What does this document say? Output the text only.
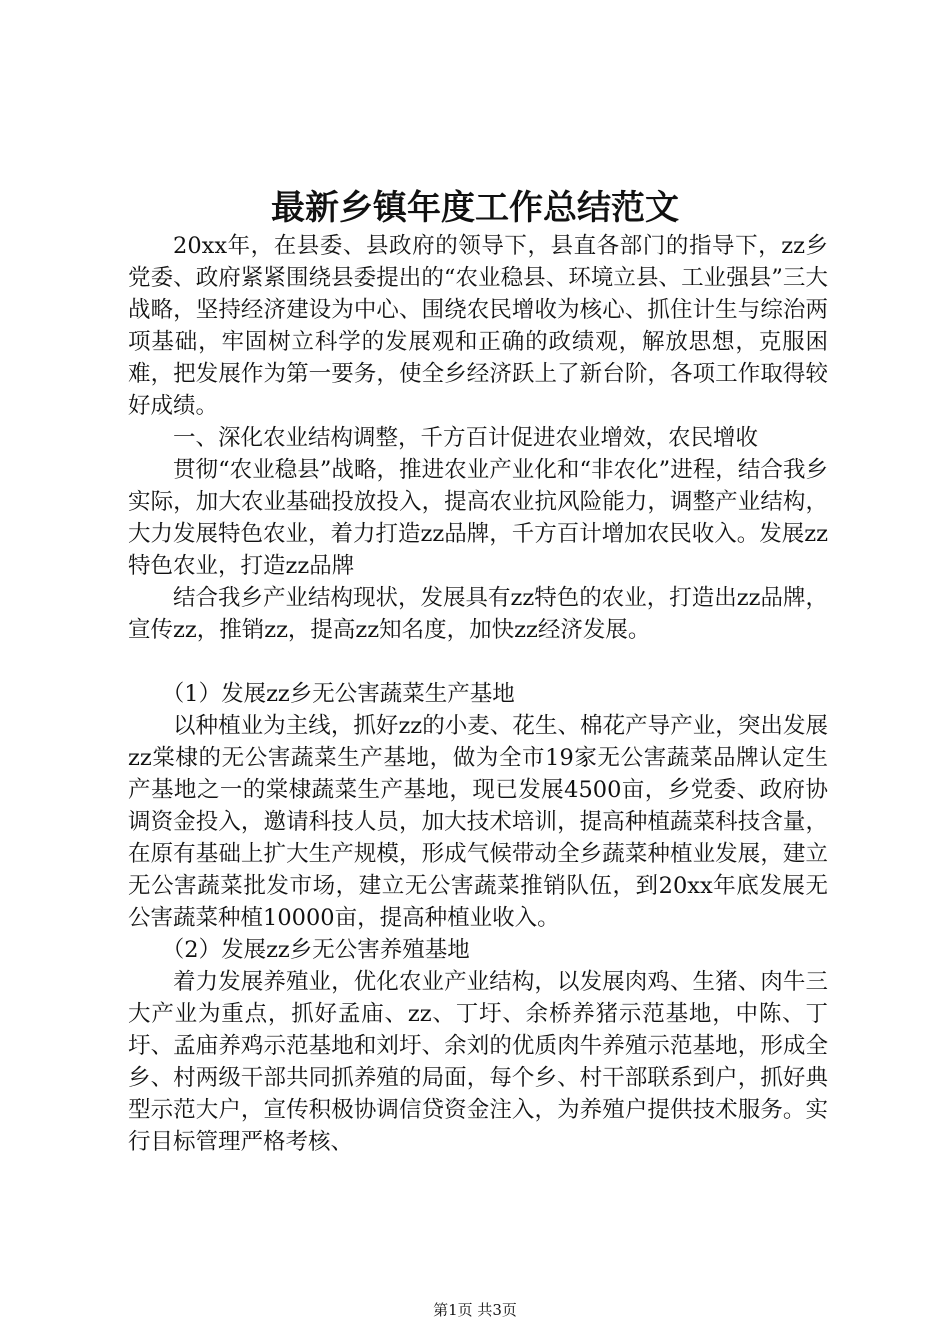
最新乡镇年度工作总结范文

20xx年，在县委、县政府的领导下，县直各部门的指导下，zz乡党委、政府紧紧围绕县委提出的“农业稳县、环境立县、工业强县”三大战略，坚持经济建设为中心、围绕农民增收为核心、抓住计生与综治两项基础，牢固树立科学的发展观和正确的政绩观，解放思想，克服困难，把发展作为第一要务，使全乡经济跃上了新台阶，各项工作取得较好成绩。

一、深化农业结构调整，千方百计促进农业增效，农民增收

贯彻“农业稳县”战略，推进农业产业化和“非农化”进程，结合我乡实际，加大农业基础投放投入，提高农业抗风险能力，调整产业结构，大力发展特色农业，着力打造zz品牌，千方百计增加农民收入。发展zz特色农业，打造zz品牌

结合我乡产业结构现状，发展具有zz特色的农业，打造出zz品牌，宣传zz，推销zz，提高zz知名度，加快zz经济发展。

（1）发展zz乡无公害蔬菜生产基地

以种植业为主线，抓好zz的小麦、花生、棉花产导产业，突出发展zz棠棣的无公害蔬菜生产基地，做为全市19家无公害蔬菜品牌认定生产基地之一的棠棣蔬菜生产基地，现已发展4500亩，乡党委、政府协调资金投入，邀请科技人员，加大技术培训，提高种植蔬菜科技含量，在原有基础上扩大生产规模，形成气候带动全乡蔬菜种植业发展，建立无公害蔬菜批发市场，建立无公害蔬菜推销队伍，到20xx年底发展无公害蔬菜种植10000亩，提高种植业收入。

（2）发展zz乡无公害养殖基地

着力发展养殖业，优化农业产业结构，以发展肉鸡、生猪、肉牛三大产业为重点，抓好孟庙、zz、丁圩、余桥养猪示范基地，中陈、丁圩、孟庙养鸡示范基地和刘圩、余刘的优质肉牛养殖示范基地，形成全乡、村两级干部共同抓养殖的局面，每个乡、村干部联系到户，抓好典型示范大户，宣传积极协调信贷资金注入，为养殖户提供技术服务。实行目标管理严格考核、

第1页 共3页
